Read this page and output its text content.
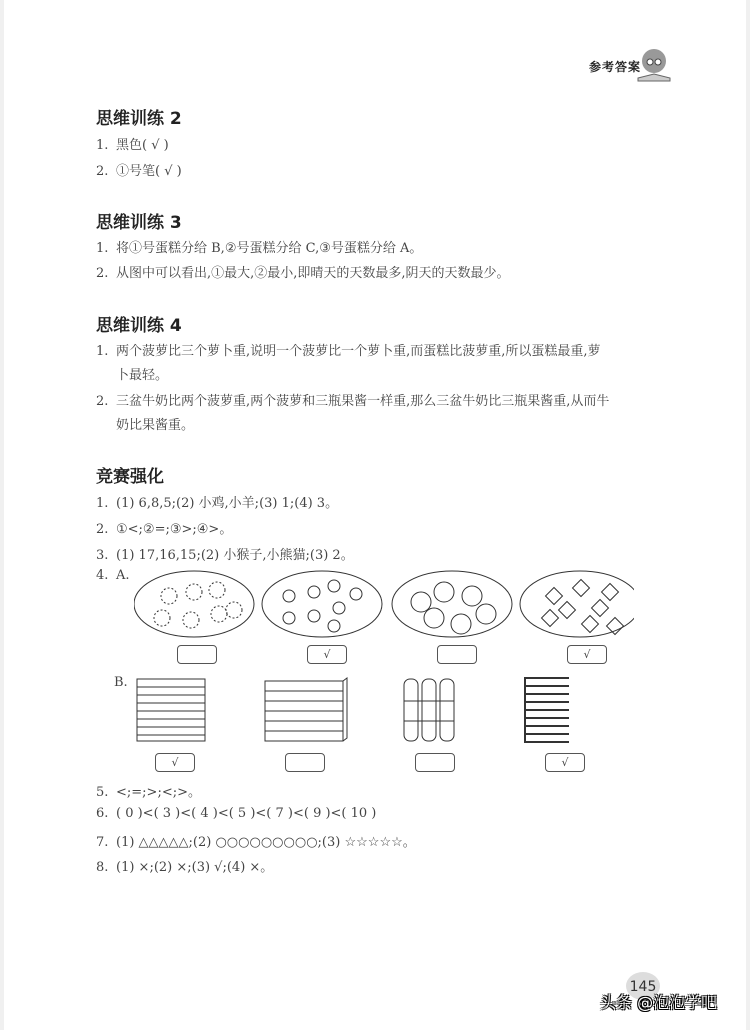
参考答案
思维训练 2
1. 黑色( √ )
2. ①号笔( √ )
思维训练 3
1. 将①号蛋糕分给 B,②号蛋糕分给 C,③号蛋糕分给 A。
2. 从图中可以看出,①最大,②最小,即晴天的天数最多,阴天的天数最少。
思维训练 4
1. 两个菠萝比三个萝卜重,说明一个菠萝比一个萝卜重,而蛋糕比菠萝重,所以蛋糕最重,萝
卜最轻。
2. 三盆牛奶比两个菠萝重,两个菠萝和三瓶果酱一样重,那么三盆牛奶比三瓶果酱重,从而牛
奶比果酱重。
竞赛强化
1. (1) 6,8,5;(2) 小鸡,小羊;(3) 1;(4) 3。
2. ①<;②=;③>;④>。
3. (1) 17,16,15;(2) 小猴子,小熊猫;(3) 2。
4. A.
√	√
B.
√	√
5. <;=;>;<;>。
6. ( 0 )<( 3 )<( 4 )<( 5 )<( 7 )<( 9 )<( 10 )
7. (1) △△△△△;(2) ○○○○○○○○○;(3) ☆☆☆☆☆。
8. (1) ×;(2) ×;(3) √;(4) ×。
145
头条 @泡泡学吧
